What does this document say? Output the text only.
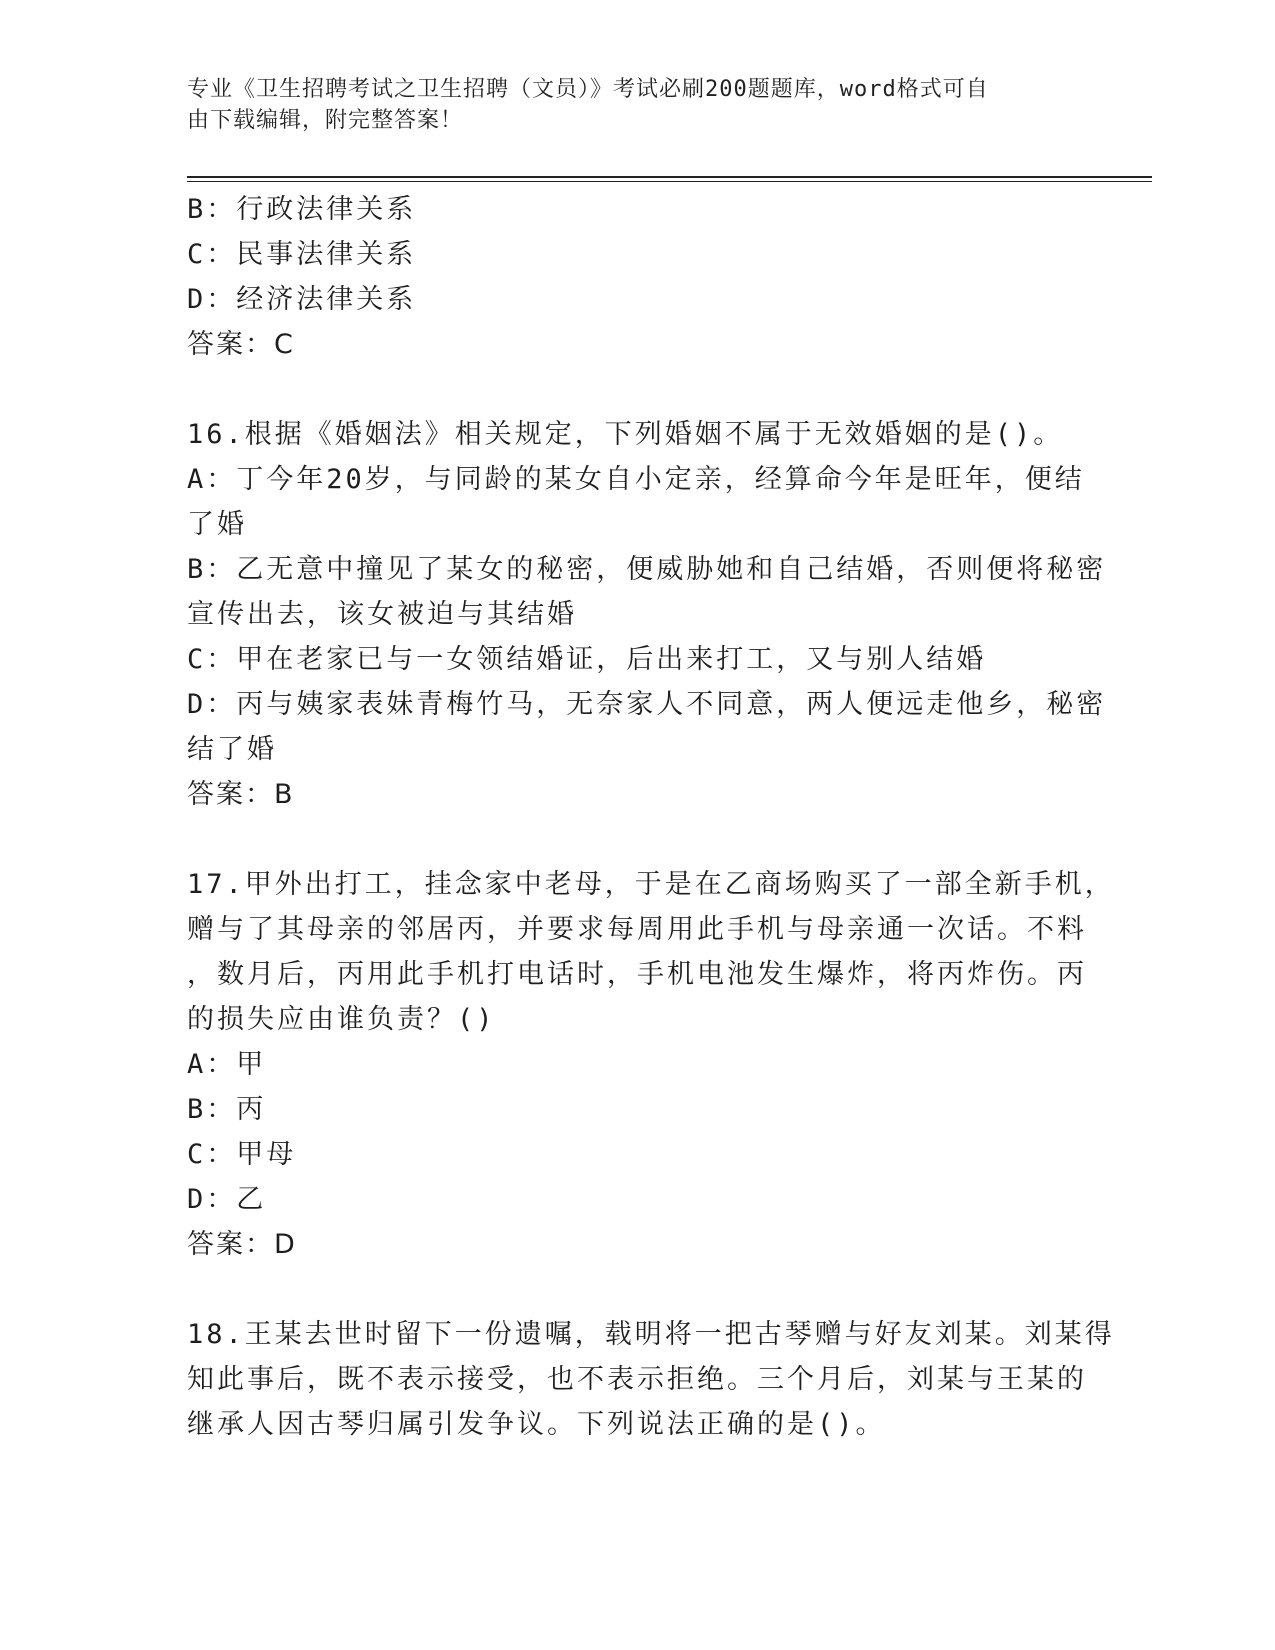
专业《卫生招聘考试之卫生招聘（文员）》考试必刷200题题库，word格式可自
由下载编辑，附完整答案！
B：行政法律关系
C：民事法律关系
D：经济法律关系
答案：C
16.根据《婚姻法》相关规定，下列婚姻不属于无效婚姻的是()。
A：丁今年20岁，与同龄的某女自小定亲，经算命今年是旺年，便结
了婚
B：乙无意中撞见了某女的秘密，便威胁她和自己结婚，否则便将秘密
宣传出去，该女被迫与其结婚
C：甲在老家已与一女领结婚证，后出来打工，又与别人结婚
D：丙与姨家表妹青梅竹马，无奈家人不同意，两人便远走他乡，秘密
结了婚
答案：B
17.甲外出打工，挂念家中老母，于是在乙商场购买了一部全新手机，
赠与了其母亲的邻居丙，并要求每周用此手机与母亲通一次话。不料
，数月后，丙用此手机打电话时，手机电池发生爆炸，将丙炸伤。丙
的损失应由谁负责？()
A：甲
B：丙
C：甲母
D：乙
答案：D
18.王某去世时留下一份遗嘱，载明将一把古琴赠与好友刘某。刘某得
知此事后，既不表示接受，也不表示拒绝。三个月后，刘某与王某的
继承人因古琴归属引发争议。下列说法正确的是()。
